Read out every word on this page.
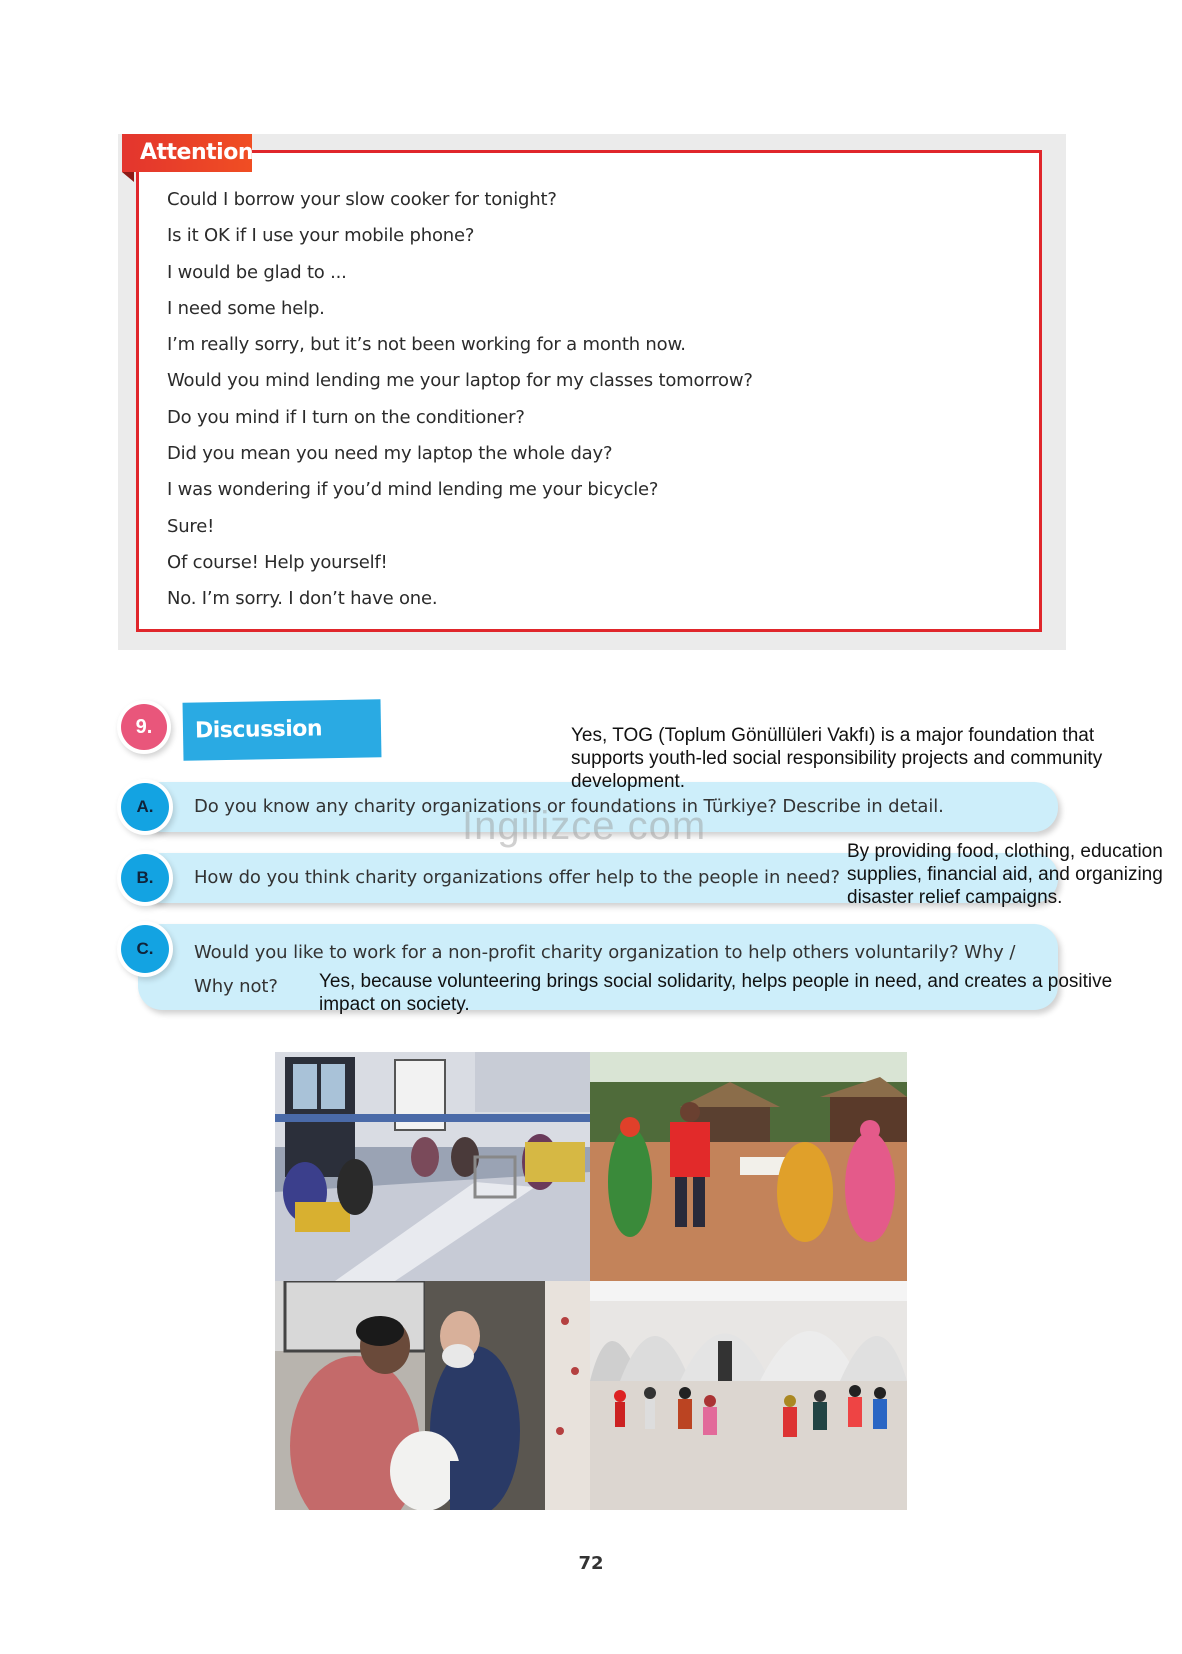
Attention
Could I borrow your slow cooker for tonight?
Is it OK if I use your mobile phone?
I would be glad to ...
I need some help.
I’m really sorry, but it’s not been working for a month now.
Would you mind lending me your laptop for my classes tomorrow?
Do you mind if I turn on the conditioner?
Did you mean you need my laptop the whole day?
I was wondering if you’d mind lending me your bicycle?
Sure!
Of course! Help yourself!
No. I’m sorry. I don’t have one.
9.	Discussion
A.	Do you know any charity organizations or foundations in Türkiye? Describe in detail.
B.	How do you think charity organizations offer help to the people in need?
C.	Would you like to work for a non-profit charity organization to help others voluntarily? Why / Why not?
Yes, TOG (Toplum Gönüllüleri Vakfı) is a major foundation that supports youth-led social responsibility projects and community development.
By providing food, clothing, education supplies, financial aid, and organizing disaster relief campaigns.
Yes, because volunteering brings social solidarity, helps people in need, and creates a positive impact on society.
Ingilizce com
72
